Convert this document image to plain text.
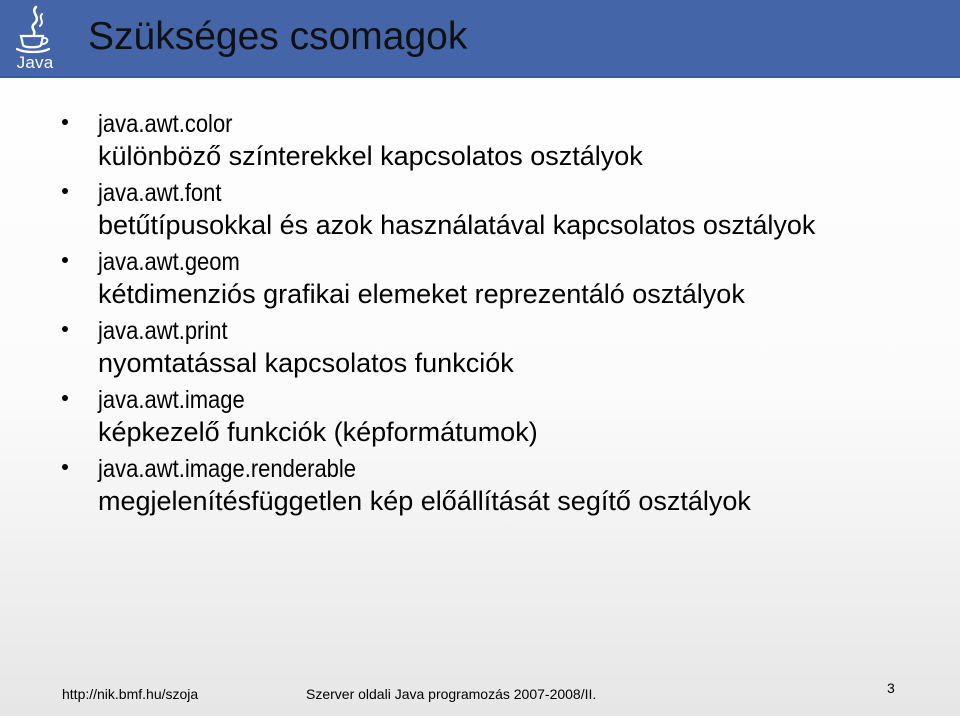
Java
Szükséges csomagok
java.awt.color
különböző színterekkel kapcsolatos osztályok
java.awt.font
betűtípusokkal és azok használatával kapcsolatos osztályok
java.awt.geom
kétdimenziós grafikai elemeket reprezentáló osztályok
java.awt.print
nyomtatással kapcsolatos funkciók
java.awt.image
képkezelő funkciók (képformátumok)
java.awt.image.renderable
megjelenítésfüggetlen kép előállítását segítő osztályok
http://nik.bmf.hu/szoja	Szerver oldali Java programozás 2007-2008/II.	3
